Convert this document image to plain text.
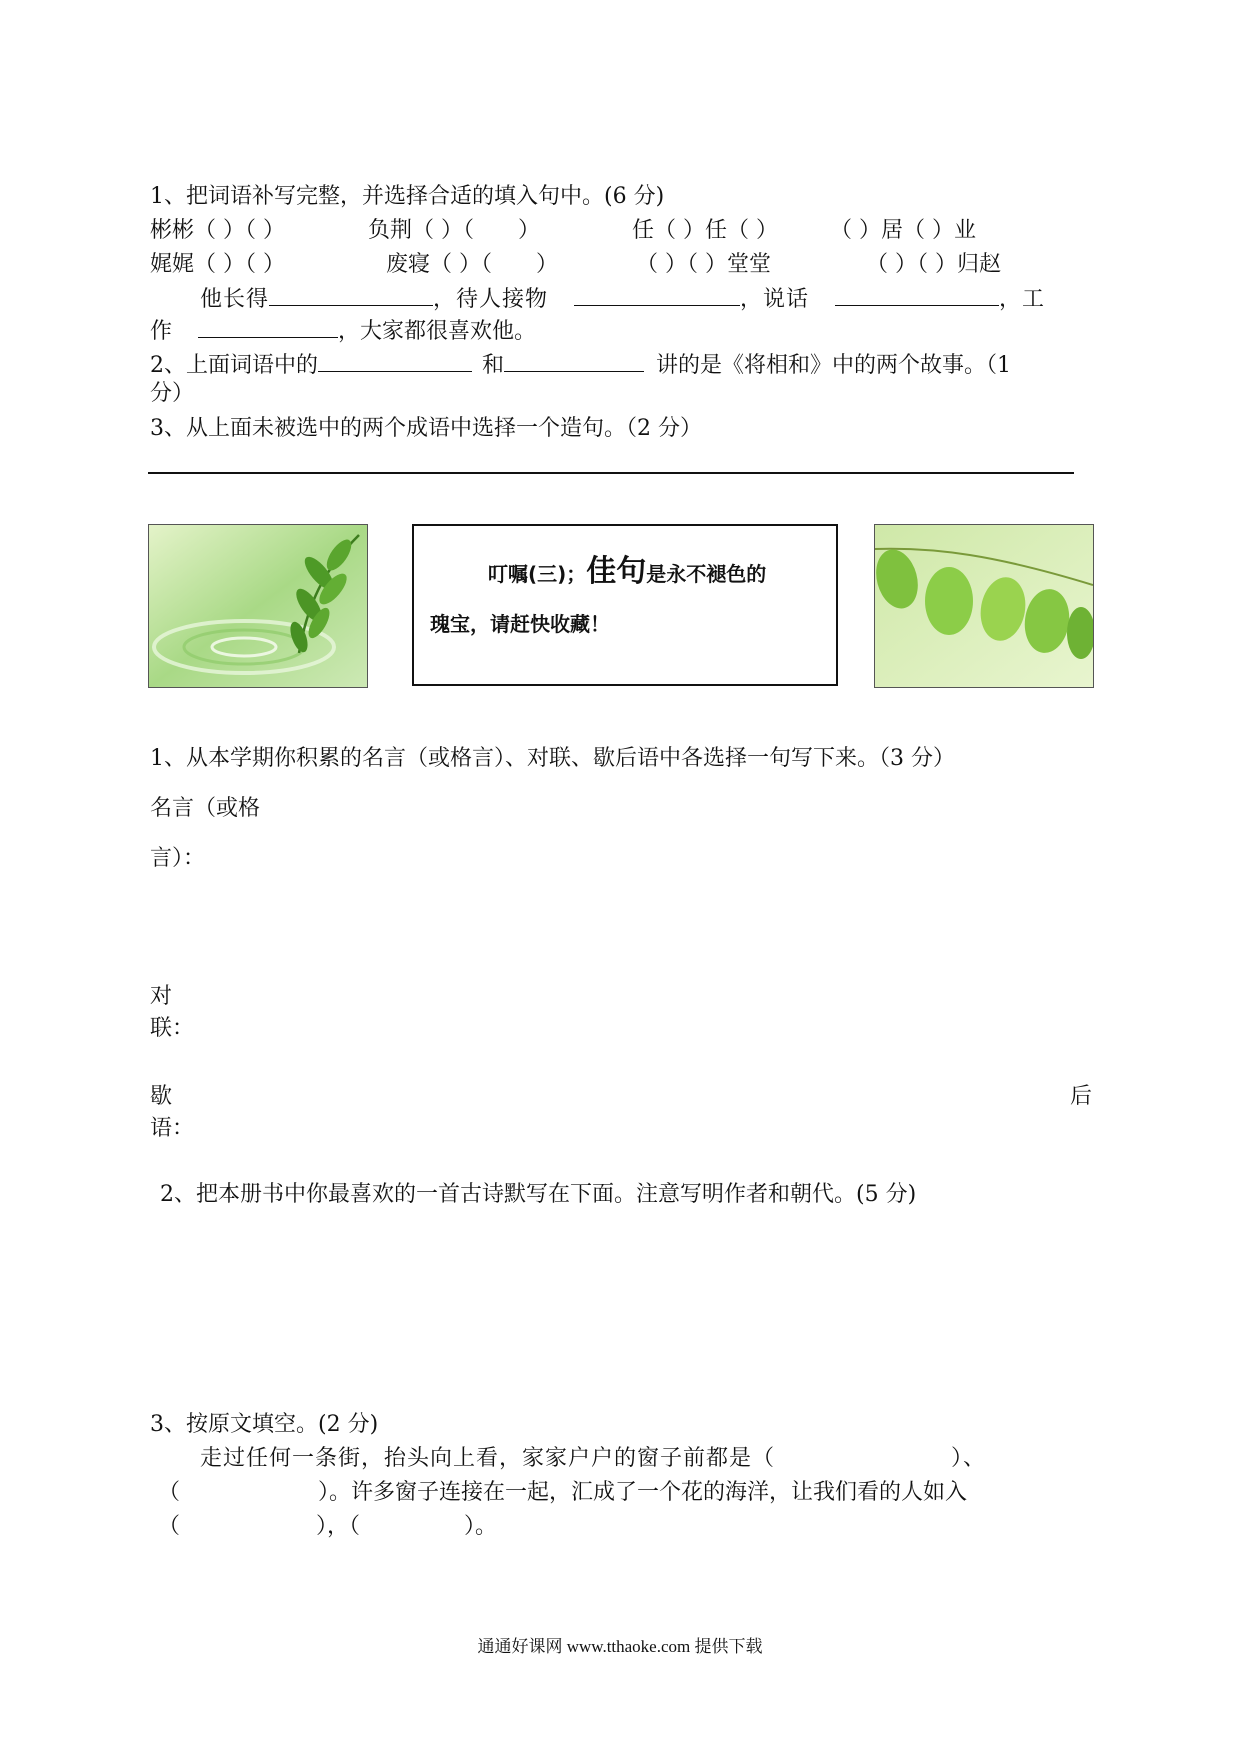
1、把词语补写完整，并选择合适的填入句中。(6 分)
彬彬（ ）（ ）	负荆（ ）（　　）	任（ ）任（ ） （ ）居（ ）业
娓娓（ ）（ ）	废寝（ ）（　　）	（ ）（ ）堂堂	（ ）（ ）归赵
他长得	，待人接物	，说话	，工
作	，大家都很喜欢他。
2、上面词语中的	和	讲的是《将相和》中的两个故事。（1
分）
3、从上面未被选中的两个成语中选择一个造句。（2 分）
叮嘱(三)；佳句是永不褪色的
瑰宝，请赶快收藏！
1、从本学期你积累的名言（或格言）、对联、歇后语中各选择一句写下来。（3 分）
名言（或格
言）：
对
联：
歇	后
语：
2、把本册书中你最喜欢的一首古诗默写在下面。注意写明作者和朝代。(5 分)
3、按原文填空。(2 分)
走过任何一条街，抬头向上看，家家户户的窗子前都是（	）、
（	）。许多窗子连接在一起，汇成了一个花的海洋，让我们看的人如入
（	），（	）。
通通好课网 www.tthaoke.com 提供下载
